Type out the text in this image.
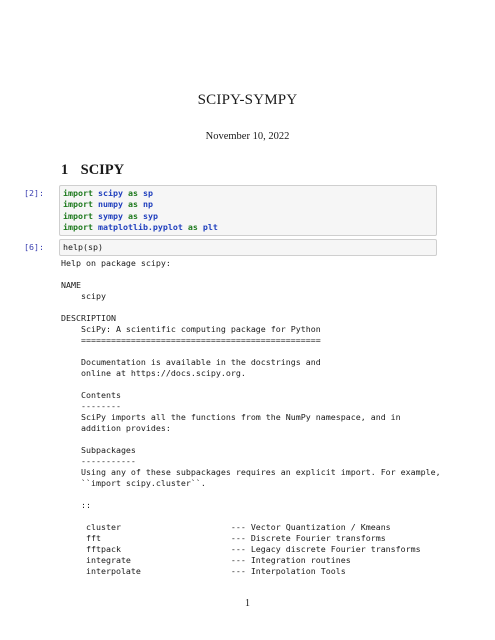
SCIPY-SYMPY
November 10, 2022
1 SCIPY
[2]: import scipy as sp
import numpy as np
import sympy as syp
import matplotlib.pyplot as plt
[6]: help(sp)
Help on package scipy:
NAME
scipy
DESCRIPTION
SciPy: A scientific computing package for Python
================================================
Documentation is available in the docstrings and
online at https://docs.scipy.org.
Contents
--------
SciPy imports all the functions from the NumPy namespace, and in
addition provides:
Subpackages
-----------
Using any of these subpackages requires an explicit import. For example,
``import scipy.cluster``.
::
cluster                      --- Vector Quantization / Kmeans
fft                          --- Discrete Fourier transforms
fftpack                      --- Legacy discrete Fourier transforms
integrate                    --- Integration routines
interpolate                  --- Interpolation Tools
1
